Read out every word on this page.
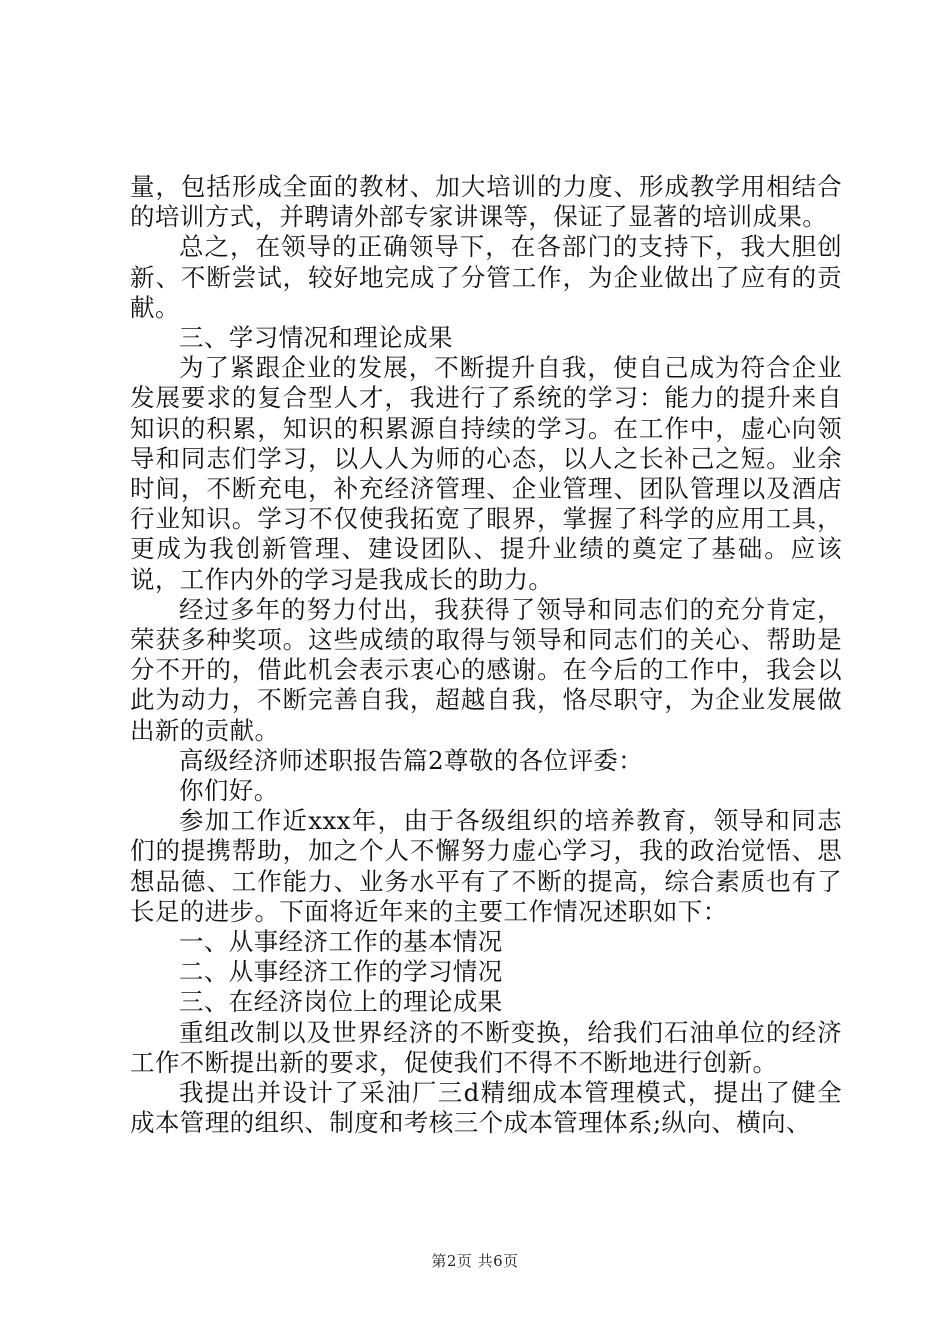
量，包括形成全面的教材、加大培训的力度、形成教学用相结合的培训方式，并聘请外部专家讲课等，保证了显著的培训成果。

总之，在领导的正确领导下，在各部门的支持下，我大胆创新、不断尝试，较好地完成了分管工作，为企业做出了应有的贡献。

三、学习情况和理论成果

为了紧跟企业的发展，不断提升自我，使自己成为符合企业发展要求的复合型人才，我进行了系统的学习：能力的提升来自知识的积累，知识的积累源自持续的学习。在工作中，虚心向领导和同志们学习，以人人为师的心态，以人之长补己之短。业余时间，不断充电，补充经济管理、企业管理、团队管理以及酒店行业知识。学习不仅使我拓宽了眼界，掌握了科学的应用工具，更成为我创新管理、建设团队、提升业绩的奠定了基础。应该说，工作内外的学习是我成长的助力。

经过多年的努力付出，我获得了领导和同志们的充分肯定，荣获多种奖项。这些成绩的取得与领导和同志们的关心、帮助是分不开的，借此机会表示衷心的感谢。在今后的工作中，我会以此为动力，不断完善自我，超越自我，恪尽职守，为企业发展做出新的贡献。

高级经济师述职报告篇2尊敬的各位评委：

你们好。

参加工作近xxx年，由于各级组织的培养教育，领导和同志们的提携帮助，加之个人不懈努力虚心学习，我的政治觉悟、思想品德、工作能力、业务水平有了不断的提高，综合素质也有了长足的进步。下面将近年来的主要工作情况述职如下：

一、从事经济工作的基本情况

二、从事经济工作的学习情况

三、在经济岗位上的理论成果

重组改制以及世界经济的不断变换，给我们石油单位的经济工作不断提出新的要求，促使我们不得不不断地进行创新。

我提出并设计了采油厂三d精细成本管理模式，提出了健全成本管理的组织、制度和考核三个成本管理体系;纵向、横向、

第2页 共6页
